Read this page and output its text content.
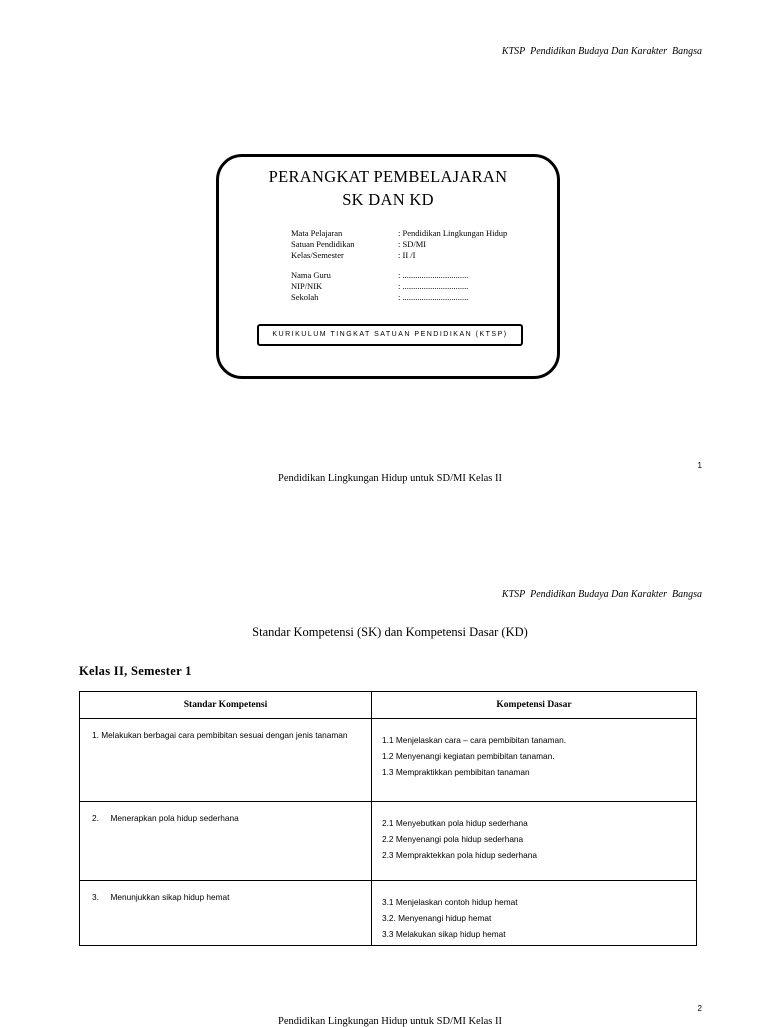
KTSP  Pendidikan Budaya Dan Karakter  Bangsa
PERANGKAT PEMBELAJARAN
SK DAN KD
Mata Pelajaran	: Pendidikan Lingkungan Hidup
Satuan Pendidikan	: SD/MI
Kelas/Semester	: II /I
Nama Guru	: ...............................
NIP/NIK	: ...............................
Sekolah	: ...............................
KURIKULUM TINGKAT SATUAN PENDIDIKAN (KTSP)
1
Pendidikan Lingkungan Hidup untuk SD/MI Kelas II
KTSP  Pendidikan Budaya Dan Karakter  Bangsa
Standar Kompetensi (SK) dan Kompetensi Dasar (KD)
Kelas II, Semester 1
Standar Kompetensi	Kompetensi Dasar

1. Melakukan berbagai cara pembibitan sesuai dengan jenis tanaman	1.1 Menjelaskan cara – cara pembibitan tanaman.
1.2 Menyenangi kegiatan pembibitan tanaman.
1.3 Mempraktikkan pembibitan tanaman

2.     Menerapkan pola hidup sederhana	2.1 Menyebutkan pola hidup sederhana
2.2 Menyenangi pola hidup sederhana
2.3 Mempraktekkan pola hidup sederhana

3.     Menunjukkan sikap hidup hemat	3.1 Menjelaskan contoh hidup hemat
3.2. Menyenangi hidup hemat
3.3 Melakukan sikap hidup hemat
2
Pendidikan Lingkungan Hidup untuk SD/MI Kelas II
